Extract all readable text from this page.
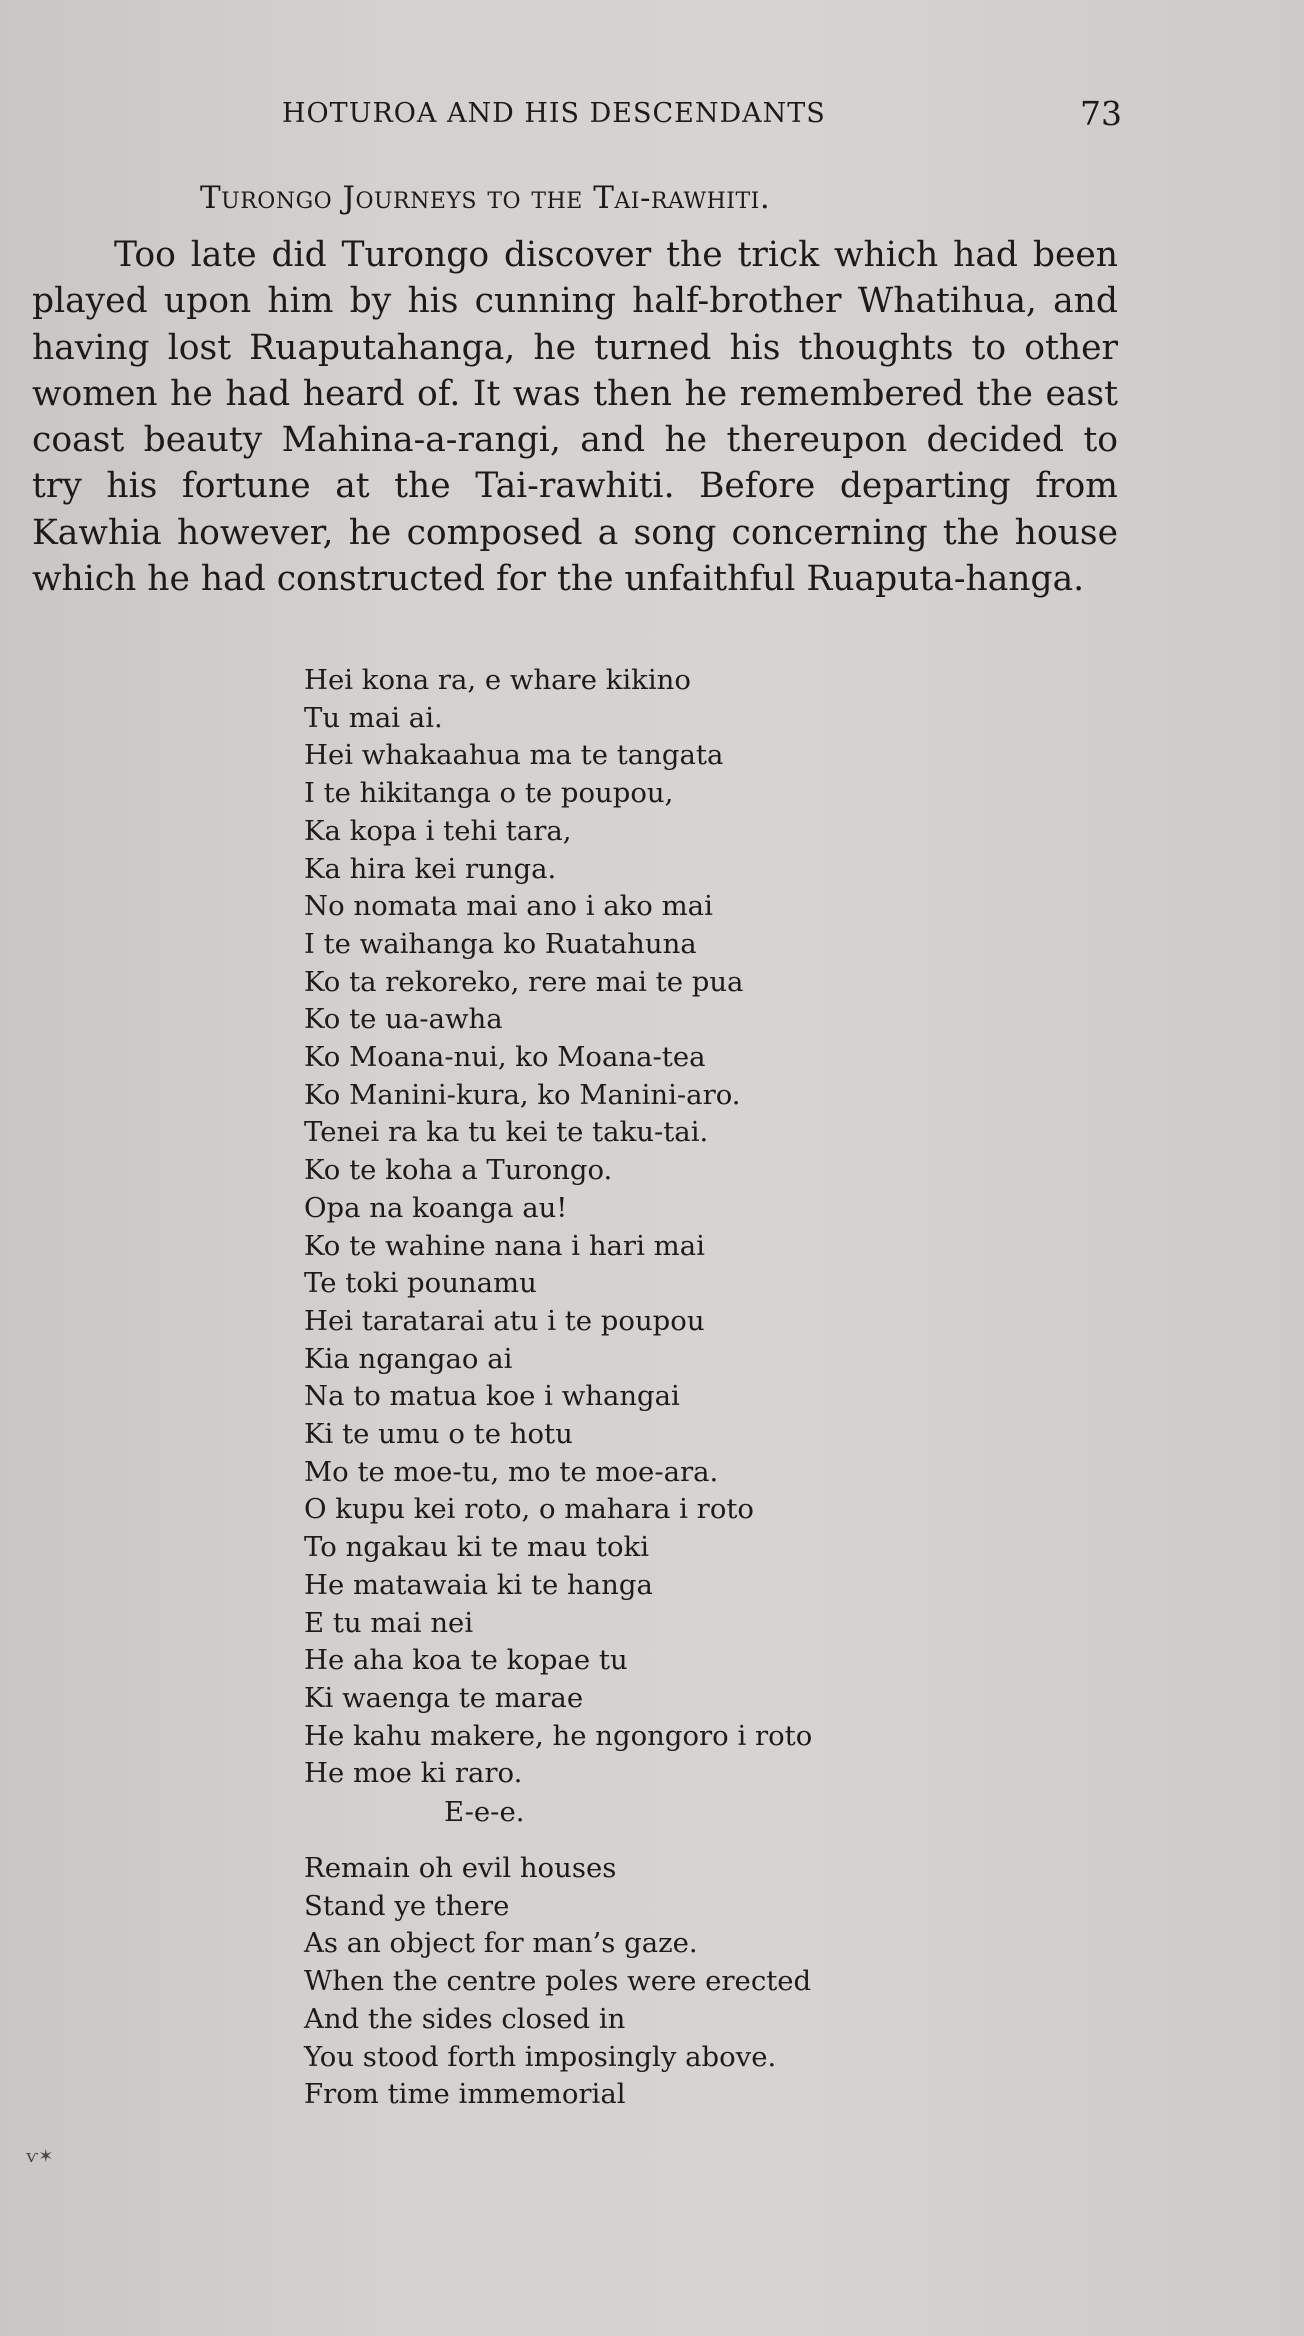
HOTUROA AND HIS DESCENDANTS	73
Turongo Journeys to the Tai-rawhiti.

Too late did Turongo discover the trick which had been played upon him by his cunning half-brother Whatihua, and having lost Ruaputahanga, he turned his thoughts to other women he had heard of. It was then he remembered the east coast beauty Mahina-a-rangi, and he thereupon decided to try his fortune at the Tai-rawhiti. Before departing from Kawhia however, he composed a song concerning the house which he had constructed for the unfaithful Ruaputa-hanga.

Hei kona ra, e whare kikino
Tu mai ai.
Hei whakaahua ma te tangata
I te hikitanga o te poupou,
Ka kopa i tehi tara,
Ka hira kei runga.
No nomata mai ano i ako mai
I te waihanga ko Ruatahuna
Ko ta rekoreko, rere mai te pua
Ko te ua-awha
Ko Moana-nui, ko Moana-tea
Ko Manini-kura, ko Manini-aro.
Tenei ra ka tu kei te taku-tai.
Ko te koha a Turongo.
Opa na koanga au!
Ko te wahine nana i hari mai
Te toki pounamu
Hei taratarai atu i te poupou
Kia ngangao ai
Na to matua koe i whangai
Ki te umu o te hotu
Mo te moe-tu, mo te moe-ara.
O kupu kei roto, o mahara i roto
To ngakau ki te mau toki
He matawaia ki te hanga
E tu mai nei
He aha koa te kopae tu
Ki waenga te marae
He kahu makere, he ngongoro i roto
He moe ki raro.
E-e-e.
Remain oh evil houses
Stand ye there
As an object for man’s gaze.
When the centre poles were erected
And the sides closed in
You stood forth imposingly above.
From time immemorial
ѵ✶
